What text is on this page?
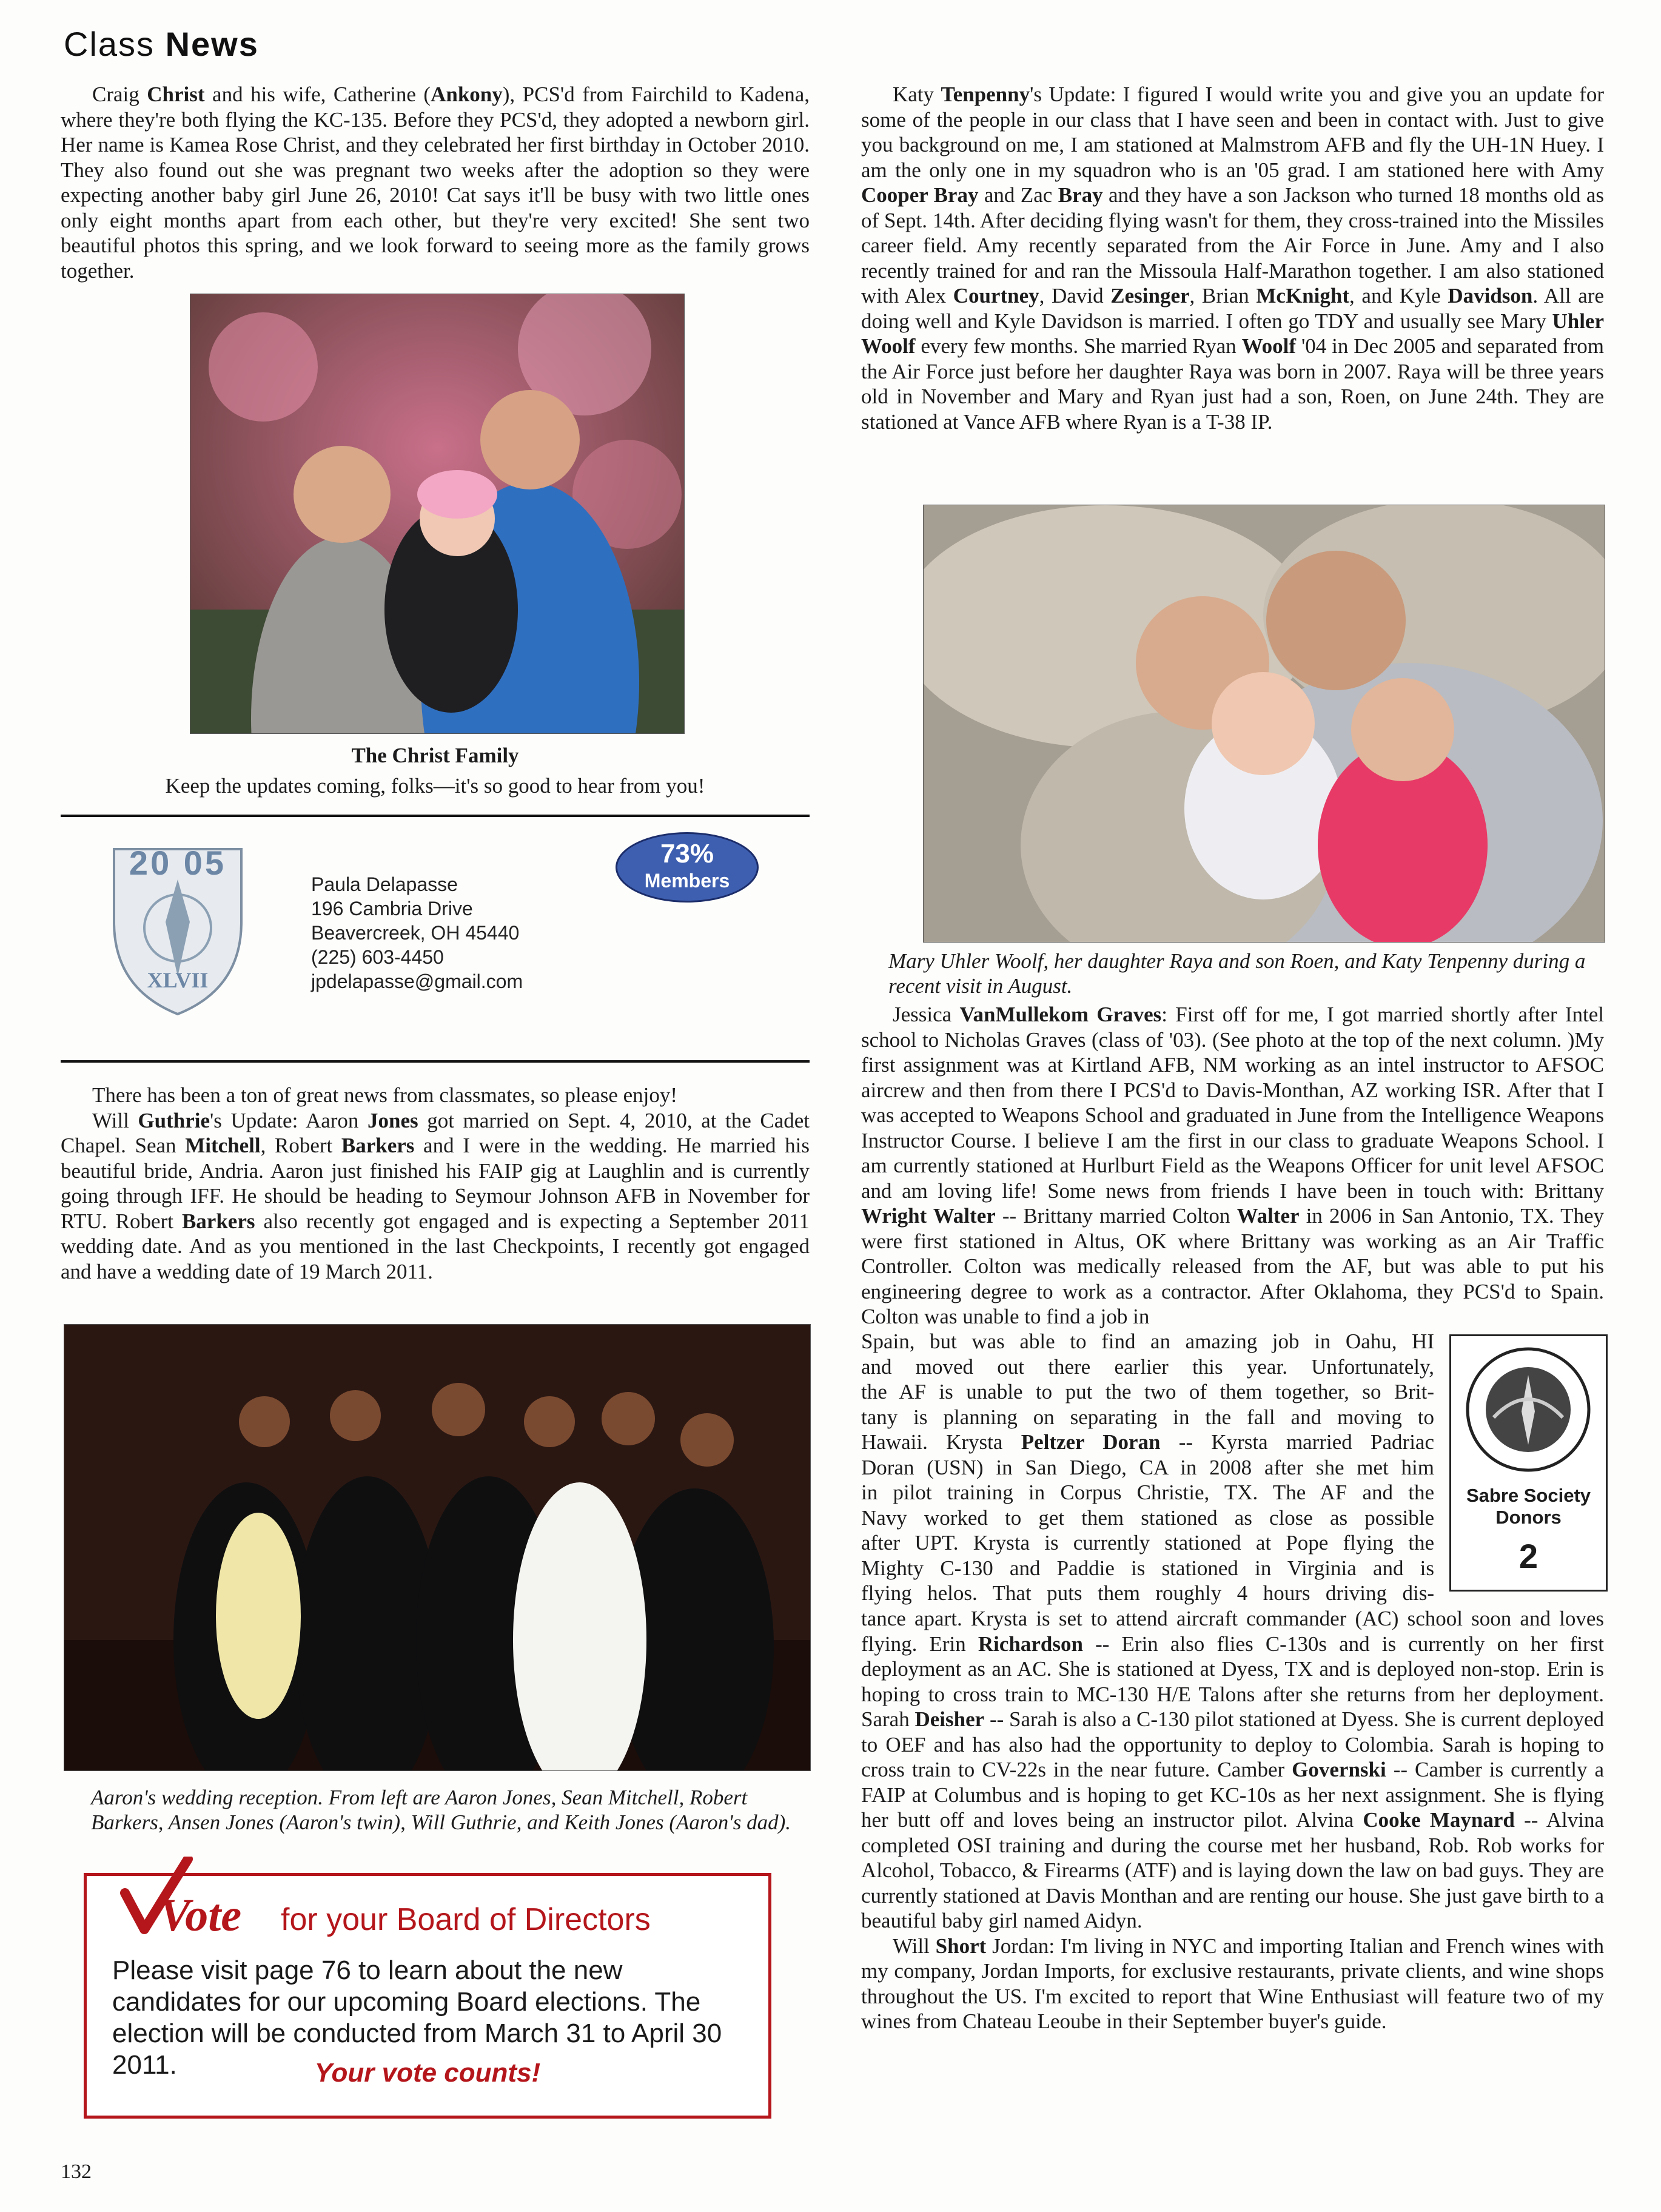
Class News

Craig Christ and his wife, Catherine (Ankony), PCS'd from Fairchild to Kadena, where they're both flying the KC-135. Before they PCS'd, they adopted a newborn girl. Her name is Kamea Rose Christ, and they celebrated her first birthday in October 2010. They also found out she was pregnant two weeks after the adoption so they were expecting another baby girl June 26, 2010! Cat says it'll be busy with two little ones only eight months apart from each other, but they're very excited! She sent two beautiful photos this spring, and we look forward to seeing more as the family grows together.

The Christ Family
Keep the updates coming, folks—it's so good to hear from you!
20 05
XLVII
Paula Delapasse
196 Cambria Drive
Beavercreek, OH 45440
(225) 603-4450
jpdelapasse@gmail.com
73%
Members

There has been a ton of great news from classmates, so please enjoy!

Will Guthrie's Update: Aaron Jones got married on Sept. 4, 2010, at the Cadet Chapel. Sean Mitchell, Robert Barkers and I were in the wedding. He married his beautiful bride, Andria. Aaron just finished his FAIP gig at Laughlin and is currently going through IFF. He should be heading to Seymour Johnson AFB in November for RTU. Robert Barkers also recently got engaged and is expecting a September 2011 wedding date. And as you mentioned in the last Checkpoints, I recently got engaged and have a wedding date of 19 March 2011.

Aaron's wedding reception. From left are Aaron Jones, Sean Mitchell, Robert Barkers, Ansen Jones (Aaron's twin), Will Guthrie, and Keith Jones (Aaron's dad).
Vote for your Board of Directors
Please visit page 76 to learn about the new candidates for our upcoming Board elections. The election will be conducted from March 31 to April 30 2011.	Your vote counts!
132

Katy Tenpenny's Update: I figured I would write you and give you an update for some of the people in our class that I have seen and been in contact with. Just to give you background on me, I am stationed at Malmstrom AFB and fly the UH-1N Huey. I am the only one in my squadron who is an '05 grad. I am stationed here with Amy Cooper Bray and Zac Bray and they have a son Jackson who turned 18 months old as of Sept. 14th. After deciding flying wasn't for them, they cross-trained into the Missiles career field. Amy recently separated from the Air Force in June. Amy and I also recently trained for and ran the Missoula Half-Marathon together. I am also stationed with Alex Courtney, David Zesinger, Brian McKnight, and Kyle Davidson. All are doing well and Kyle Davidson is married. I often go TDY and usually see Mary Uhler Woolf every few months. She married Ryan Woolf '04 in Dec 2005 and separated from the Air Force just before her daughter Raya was born in 2007. Raya will be three years old in November and Mary and Ryan just had a son, Roen, on June 24th. They are stationed at Vance AFB where Ryan is a T-38 IP.

Mary Uhler Woolf, her daughter Raya and son Roen, and Katy Tenpenny during a recent visit in August.

Jessica VanMullekom Graves: First off for me, I got married shortly after Intel school to Nicholas Graves (class of '03). (See photo at the top of the next column. )My first assignment was at Kirtland AFB, NM working as an intel instructor to AFSOC aircrew and then from there I PCS'd to Davis-Monthan, AZ working ISR. After that I was accepted to Weapons School and graduated in June from the Intelligence Weapons Instructor Course. I believe I am the first in our class to graduate Weapons School. I am currently stationed at Hurlburt Field as the Weapons Officer for unit level AFSOC and am loving life! Some news from friends I have been in touch with: Brittany Wright Walter -- Brittany married Colton Walter in 2006 in San Antonio, TX. They were first stationed in Altus, OK where Brittany was working as an Air Traffic Controller. Colton was medically released from the AF, but was able to put his engineering degree to work as a contractor. After Oklahoma, they PCS'd to Spain. Colton was unable to find a job in

Spain, but was able to find an amazing job in Oahu, HI
and moved out there earlier this year. Unfortunately,
the AF is unable to put the two of them together, so Brit-
tany is planning on separating in the fall and moving to
Hawaii. Krysta Peltzer Doran -- Kyrsta married Padriac
Doran (USN) in San Diego, CA in 2008 after she met him
in pilot training in Corpus Christie, TX. The AF and the
Navy worked to get them stationed as close as possible
after UPT. Krysta is currently stationed at Pope flying the
Mighty C-130 and Paddie is stationed in Virginia and is
flying helos. That puts them roughly 4 hours driving dis-

tance apart. Krysta is set to attend aircraft commander (AC) school soon and loves flying. Erin Richardson -- Erin also flies C-130s and is currently on her first deployment as an AC. She is stationed at Dyess, TX and is deployed non-stop. Erin is hoping to cross train to MC-130 H/E Talons after she returns from her deployment. Sarah Deisher -- Sarah is also a C-130 pilot stationed at Dyess. She is current deployed to OEF and has also had the opportunity to deploy to Colombia. Sarah is hoping to cross train to CV-22s in the near future. Camber Governski -- Camber is currently a FAIP at Columbus and is hoping to get KC-10s as her next assignment. She is flying her butt off and loves being an instructor pilot. Alvina Cooke Maynard -- Alvina completed OSI training and during the course met her husband, Rob. Rob works for Alcohol, Tobacco, & Firearms (ATF) and is laying down the law on bad guys. They are currently stationed at Davis Monthan and are renting our house. She just gave birth to a beautiful baby girl named Aidyn.

Will Short Jordan: I'm living in NYC and importing Italian and French wines with my company, Jordan Imports, for exclusive restaurants, private clients, and wine shops throughout the US. I'm excited to report that Wine Enthusiast will feature two of my wines from Chateau Leoube in their September buyer's guide.

Sabre Society Donors
2
